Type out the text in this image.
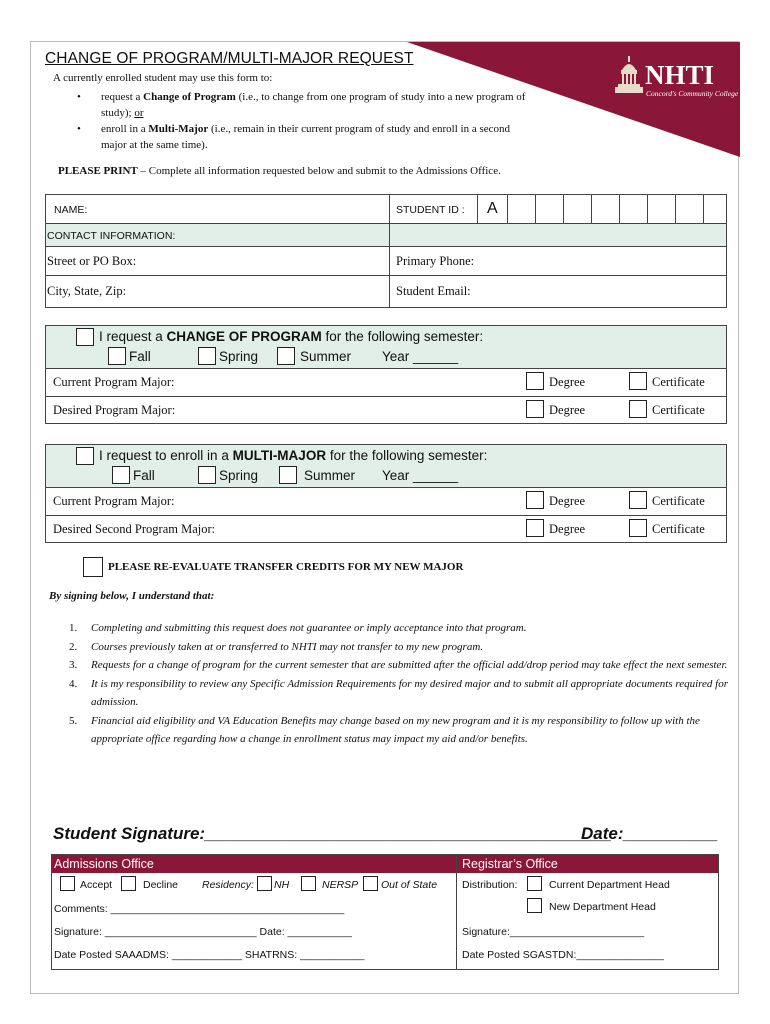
CHANGE OF PROGRAM/MULTI-MAJOR REQUEST
A currently enrolled student may use this form to:
• request a Change of Program (i.e., to change from one program of study into a new program of study); or
• enroll in a Multi-Major (i.e., remain in their current program of study and enroll in a second major at the same time).
NHTI
Concord's Community College
PLEASE PRINT – Complete all information requested below and submit to the Admissions Office.
NAME:	STUDENT ID : A
CONTACT INFORMATION:
Street or PO Box:	Primary Phone:
City, State, Zip:	Student Email:
I request a CHANGE OF PROGRAM for the following semester:
Fall	Spring	Summer Year ______
Current Program Major:	Degree	Certificate
Desired Program Major:	Degree	Certificate
I request to enroll in a MULTI-MAJOR for the following semester:
Fall	Spring	Summer Year ______
Current Program Major:	Degree	Certificate
Desired Second Program Major:	Degree	Certificate
PLEASE RE-EVALUATE TRANSFER CREDITS FOR MY NEW MAJOR
By signing below, I understand that:
1. Completing and submitting this request does not guarantee or imply acceptance into that program.
2. Courses previously taken at or transferred to NHTI may not transfer to my new program.
3. Requests for a change of program for the current semester that are submitted after the official add/drop period may take effect the next semester.
4. It is my responsibility to review any Specific Admission Requirements for my desired major and to submit all appropriate documents required for admission.
5. Financial aid eligibility and VA Education Benefits may change based on my new program and it is my responsibility to follow up with the appropriate office regarding how a change in enrollment status may impact my aid and/or benefits.
Student Signature:___________________________________________
Date:__________
Admissions Office
Accept	Decline Residency: NH	NERSP Out of State
Comments: ________________________________________
Signature: __________________________ Date: ___________
Date Posted SAAADMS: ____________ SHATRNS: ___________
Registrar’s Office
Distribution:	Current Department Head
New Department Head
Signature:_______________________
Date Posted SGASTDN:_______________
